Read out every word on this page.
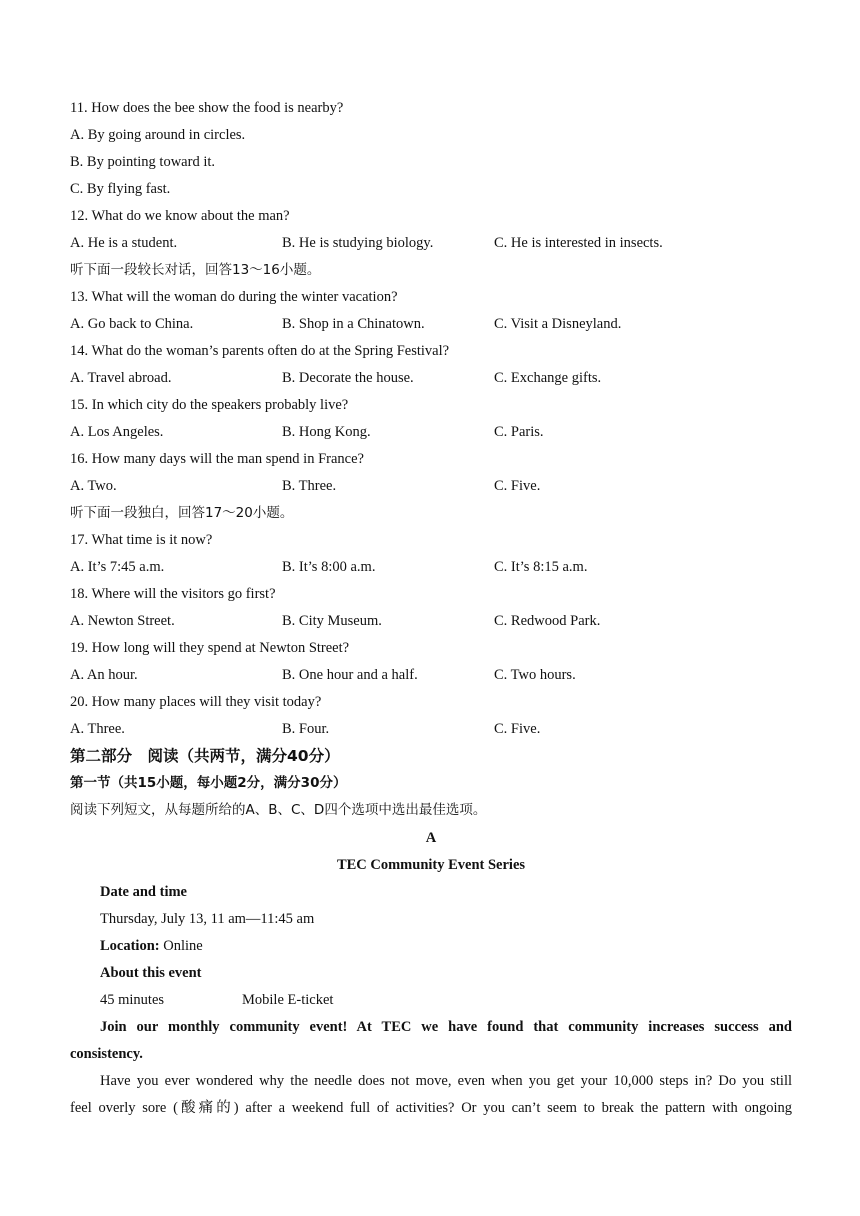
11. How does the bee show the food is nearby?
A. By going around in circles.
B. By pointing toward it.
C. By flying fast.
12. What do we know about the man?
A. He is a student.	B. He is studying biology.	C. He is interested in insects.
听下面一段较长对话，回答13～16小题。
13. What will the woman do during the winter vacation?
A. Go back to China.	B. Shop in a Chinatown.	C. Visit a Disneyland.
14. What do the woman’s parents often do at the Spring Festival?
A. Travel abroad.	B. Decorate the house.	C. Exchange gifts.
15. In which city do the speakers probably live?
A. Los Angeles.	B. Hong Kong.	C. Paris.
16. How many days will the man spend in France?
A. Two.	B. Three.	C. Five.
听下面一段独白，回答17～20小题。
17. What time is it now?
A. It’s 7:45 a.m.	B. It’s 8:00 a.m.	C. It’s 8:15 a.m.
18. Where will the visitors go first?
A. Newton Street.	B. City Museum.	C. Redwood Park.
19. How long will they spend at Newton Street?
A. An hour.	B. One hour and a half.	C. Two hours.
20. How many places will they visit today?
A. Three.	B. Four.	C. Five.
第二部分　阅读（共两节，满分40分）
第一节（共15小题，每小题2分，满分30分）
阅读下列短文，从每题所给的A、B、C、D四个选项中选出最佳选项。
A
TEC Community Event Series
Date and time
Thursday, July 13, 11 am—11:45 am
Location: Online
About this event
45 minutes	Mobile E-ticket
Join our monthly community event! At TEC we have found that community increases success and
consistency.
Have you ever wondered why the needle does not move, even when you get your 10,000 steps in? Do you still
feel overly sore (酸痛的) after a weekend full of activities? Or you can’t seem to break the pattern with ongoing
